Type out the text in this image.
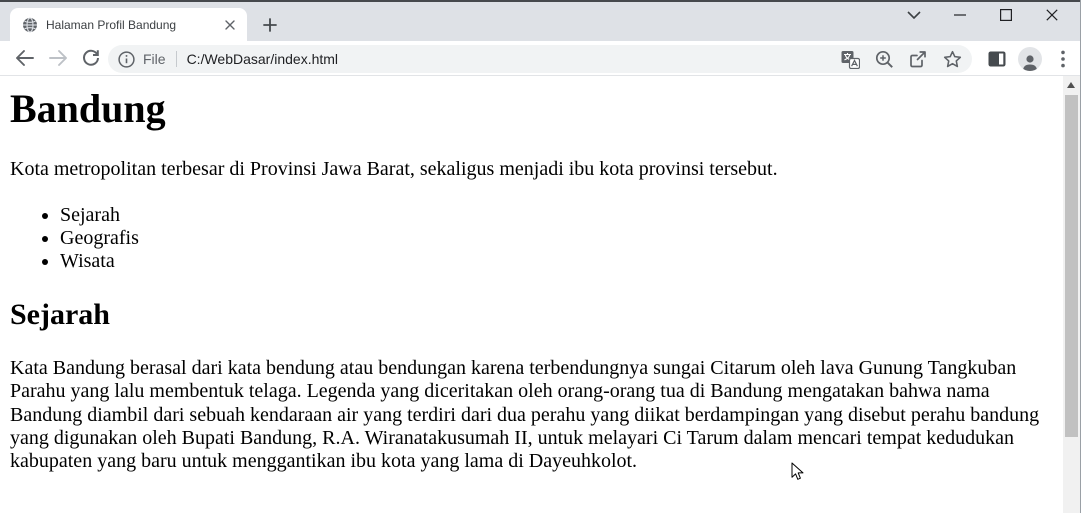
Halaman Profil Bandung
File C:/WebDasar/index.html
Bandung

Kota metropolitan terbesar di Provinsi Jawa Barat, sekaligus menjadi ibu kota provinsi tersebut.

• Sejarah
• Geografis
• Wisata
Sejarah

Kata Bandung berasal dari kata bendung atau bendungan karena terbendungnya sungai Citarum oleh lava Gunung Tangkuban Parahu yang lalu membentuk telaga. Legenda yang diceritakan oleh orang-orang tua di Bandung mengatakan bahwa nama Bandung diambil dari sebuah kendaraan air yang terdiri dari dua perahu yang diikat berdampingan yang disebut perahu bandung yang digunakan oleh Bupati Bandung, R.A. Wiranatakusumah II, untuk melayari Ci Tarum dalam mencari tempat kedudukan kabupaten yang baru untuk menggantikan ibu kota yang lama di Dayeuhkolot.
